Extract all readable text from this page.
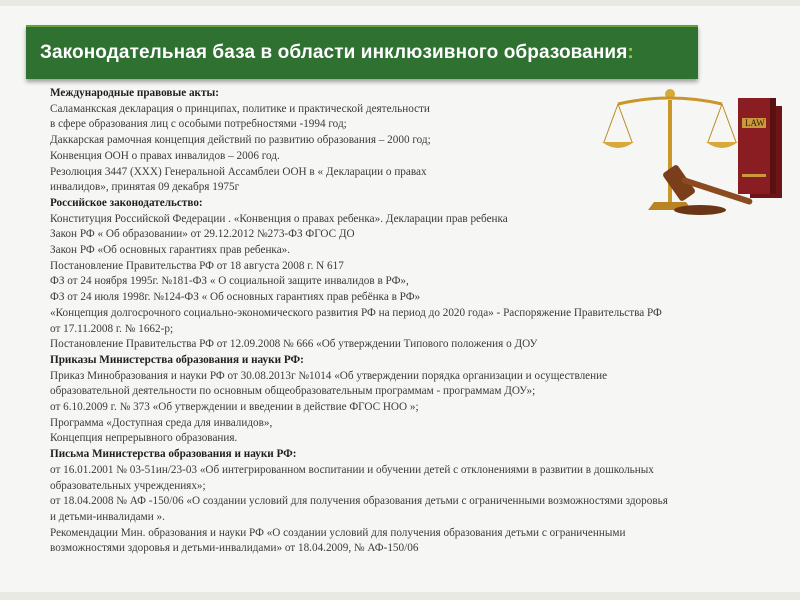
Законодательная база в области инклюзивного образования:
Международные правовые акты:
Саламанкская декларация о принципах, политике и практической деятельности
в сфере образования лиц с особыми потребностями -1994 год;
Даккарская рамочная концепция действий по развитию образования – 2000 год;
Конвенция ООН о правах инвалидов – 2006 год.
Резолюция 3447 (ХХХ) Генеральной Ассамблеи ООН в « Декларации о правах
инвалидов», принятая 09 декабря 1975г
Российское законодательство:
Конституция Российской Федерации . «Конвенция о правах ребенка». Декларации прав ребенка
Закон РФ « Об образовании» от 29.12.2012 №273-ФЗ ФГОС ДО
Закон РФ «Об основных гарантиях прав ребенка».
Постановление Правительства РФ от 18 августа 2008 г. N 617
ФЗ от 24 ноября 1995г. №181-ФЗ « О социальной защите инвалидов в РФ»,
ФЗ от 24 июля 1998г. №124-ФЗ « Об основных гарантиях прав ребёнка в РФ»
«Концепция долгосрочного социально-экономического развития РФ на период до 2020 года» - Распоряжение Правительства РФ
от 17.11.2008 г. № 1662-р;
Постановление Правительства РФ от 12.09.2008 № 666 «Об утверждении Типового положения о ДОУ
Приказы Министерства образования и науки РФ:
Приказ Минобразования и науки РФ от 30.08.2013г №1014 «Об утверждении порядка организации и осуществление
образовательной деятельности по основным общеобразовательным программам - программам ДОУ»;
от 6.10.2009 г. № 373 «Об утверждении и введении в действие ФГОС НОО »;
Программа «Доступная среда для инвалидов»,
Концепция непрерывного образования.
Письма Министерства образования и науки РФ:
от 16.01.2001 № 03-51ин/23-03 «Об интегрированном воспитании и обучении детей с отклонениями в развитии в дошкольных
образовательных учреждениях»;
от 18.04.2008 № АФ -150/06 «О создании условий для получения образования детьми с ограниченными возможностями здоровья
и детьми-инвалидами ».
Рекомендации Мин. образования и науки РФ «О создании условий для получения образования детьми с ограниченными
возможностями здоровья и детьми-инвалидами» от 18.04.2009, № АФ-150/06
LAW
